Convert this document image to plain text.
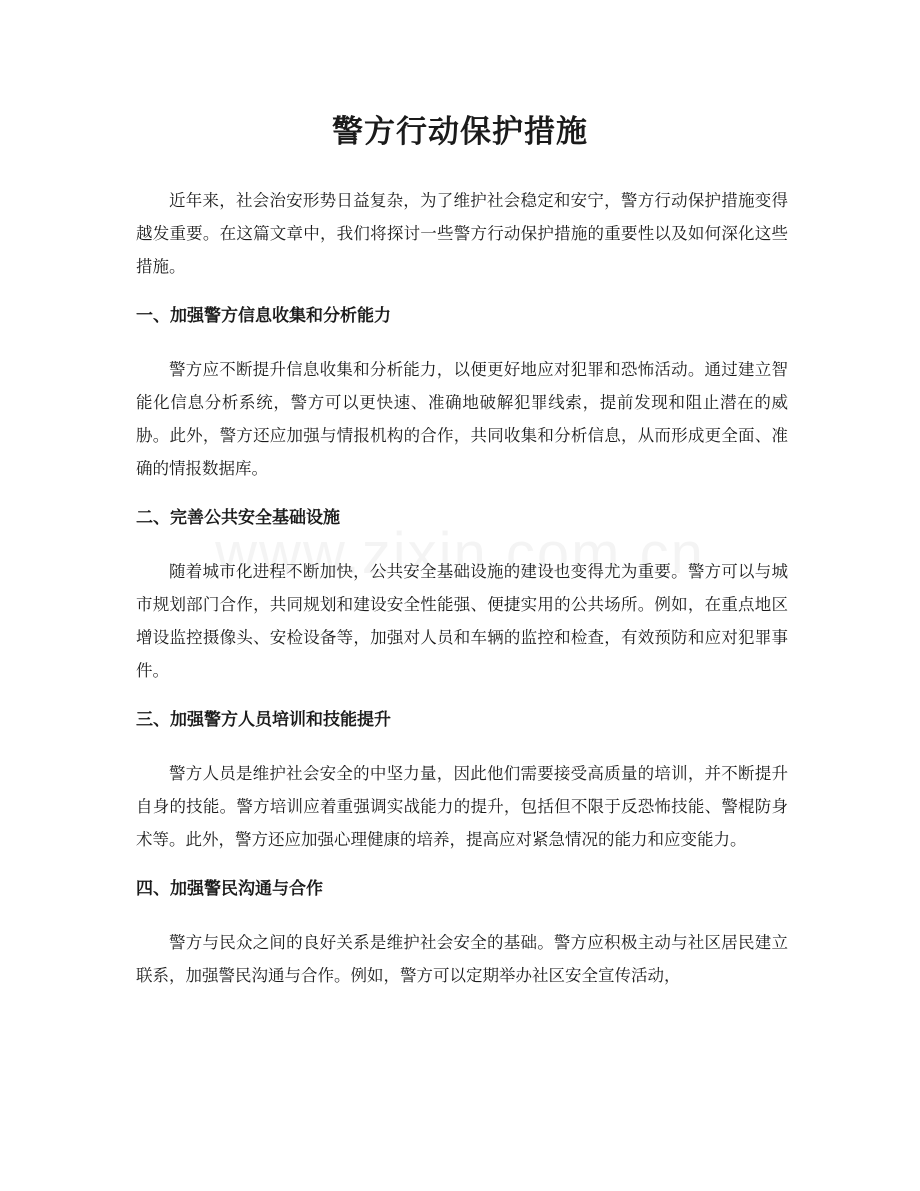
警方行动保护措施

近年来，社会治安形势日益复杂，为了维护社会稳定和安宁，警方行动保护措施变得越发重要。在这篇文章中，我们将探讨一些警方行动保护措施的重要性以及如何深化这些措施。

一、加强警方信息收集和分析能力

警方应不断提升信息收集和分析能力，以便更好地应对犯罪和恐怖活动。通过建立智能化信息分析系统，警方可以更快速、准确地破解犯罪线索，提前发现和阻止潜在的威胁。此外，警方还应加强与情报机构的合作，共同收集和分析信息，从而形成更全面、准确的情报数据库。

二、完善公共安全基础设施

随着城市化进程不断加快，公共安全基础设施的建设也变得尤为重要。警方可以与城市规划部门合作，共同规划和建设安全性能强、便捷实用的公共场所。例如，在重点地区增设监控摄像头、安检设备等，加强对人员和车辆的监控和检查，有效预防和应对犯罪事件。

三、加强警方人员培训和技能提升

警方人员是维护社会安全的中坚力量，因此他们需要接受高质量的培训，并不断提升自身的技能。警方培训应着重强调实战能力的提升，包括但不限于反恐怖技能、警棍防身术等。此外，警方还应加强心理健康的培养，提高应对紧急情况的能力和应变能力。

四、加强警民沟通与合作

警方与民众之间的良好关系是维护社会安全的基础。警方应积极主动与社区居民建立联系，加强警民沟通与合作。例如，警方可以定期举办社区安全宣传活动，
